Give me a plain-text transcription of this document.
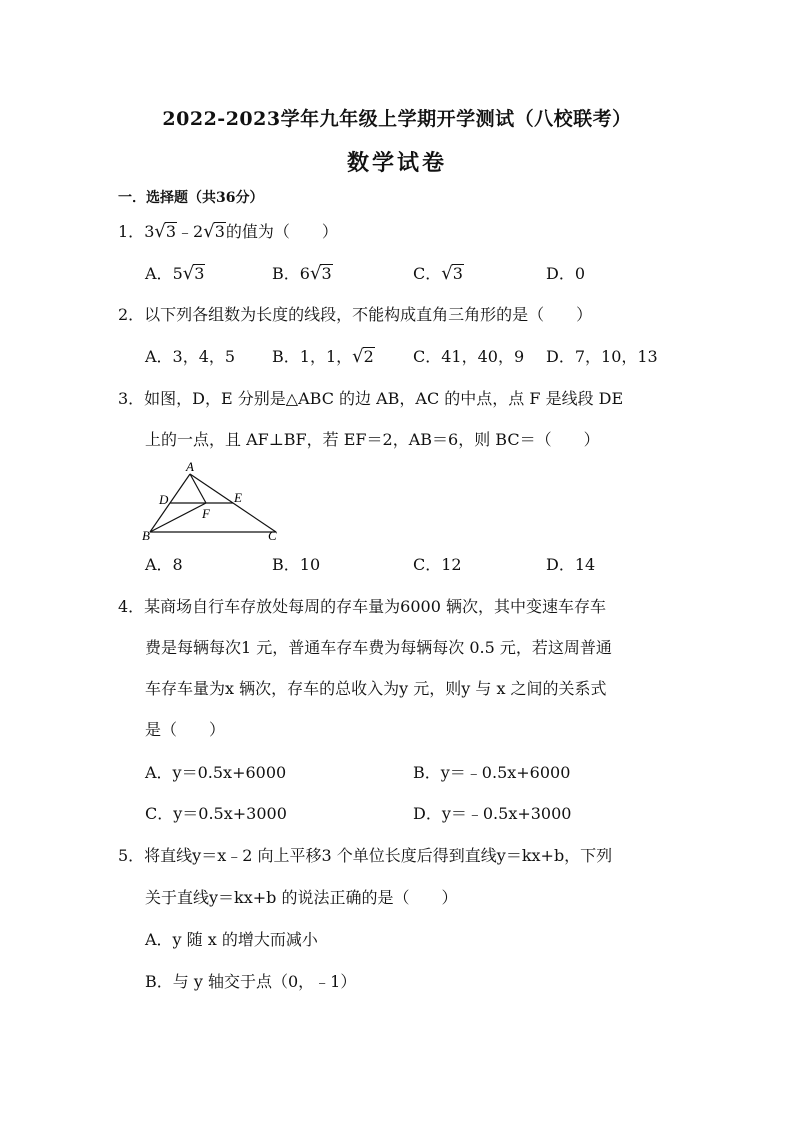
2022-2023学年九年级上学期开学测试（八校联考）
数学试卷
一．选择题（共36分）
1．3√3﹣2√3的值为（　　）
A．5√3	B．6√3	C．√3	D．0
2．以下列各组数为长度的线段，不能构成直角三角形的是（　　）
A．3，4，5 B．1，1，√2 C．41，40，9 D．7，10，13
3．如图，D，E 分别是△ABC 的边 AB，AC 的中点，点 F 是线段 DE
上的一点，且 AF⊥BF，若 EF＝2，AB＝6，则 BC＝（　　）
A
B	C
D	E
F
A．8	B．10	C．12	D．14
4．某商场自行车存放处每周的存车量为6000 辆次，其中变速车存车
费是每辆每次1 元，普通车存车费为每辆每次 0.5 元，若这周普通
车存车量为x 辆次，存车的总收入为y 元，则y 与 x 之间的关系式
是（　　）
A．y＝0.5x+6000	B．y＝﹣0.5x+6000
C．y＝0.5x+3000	D．y＝﹣0.5x+3000
5．将直线y＝x﹣2 向上平移3 个单位长度后得到直线y＝kx+b，下列
关于直线y＝kx+b 的说法正确的是（　　）
A．y 随 x 的增大而减小
B．与 y 轴交于点（0，﹣1）
